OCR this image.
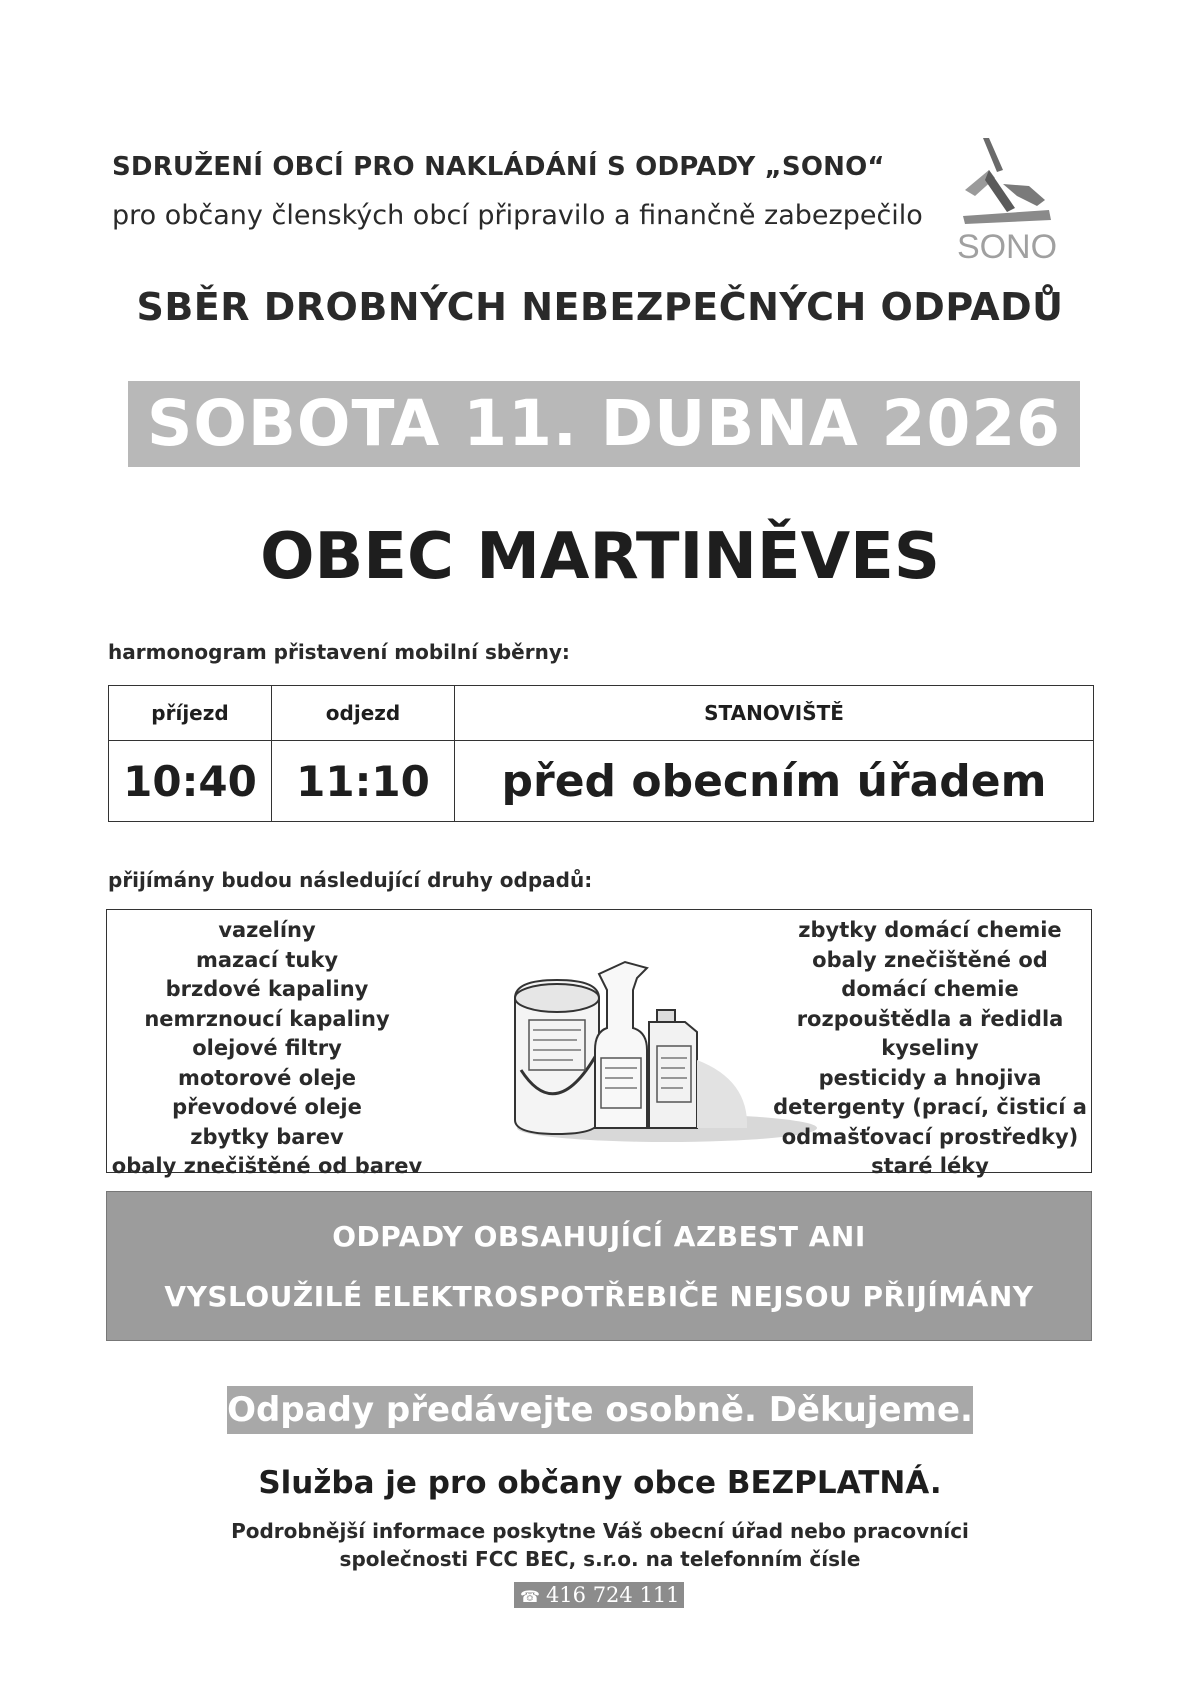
SDRUŽENÍ OBCÍ PRO NAKLÁDÁNÍ S ODPADY „SONO“
pro občany členských obcí připravilo a finančně zabezpečilo
SONO
SBĚR DROBNÝCH NEBEZPEČNÝCH ODPADŮ
SOBOTA 11. DUBNA 2026
OBEC MARTINĚVES
harmonogram přistavení mobilní sběrny:
příjezd	odjezd	STANOVIŠTĚ
10:40	11:10	před obecním úřadem
přijímány budou následující druhy odpadů:
vazelíny
mazací tuky
brzdové kapaliny
nemrznoucí kapaliny
olejové filtry
motorové oleje
převodové oleje
zbytky barev
obaly znečištěné od barev
zbytky domácí chemie
obaly znečištěné od
domácí chemie
rozpouštědla a ředidla
kyseliny
pesticidy a hnojiva
detergenty (prací, čisticí a
odmašťovací prostředky)
staré léky
ODPADY OBSAHUJÍCÍ AZBEST ANI
VYSLOUŽILÉ ELEKTROSPOTŘEBIČE NEJSOU PŘIJÍMÁNY
Odpady předávejte osobně. Děkujeme.
Služba je pro občany obce BEZPLATNÁ.
Podrobnější informace poskytne Váš obecní úřad nebo pracovníci
společnosti FCC BEC, s.r.o. na telefonním čísle
☎ 416 724 111
